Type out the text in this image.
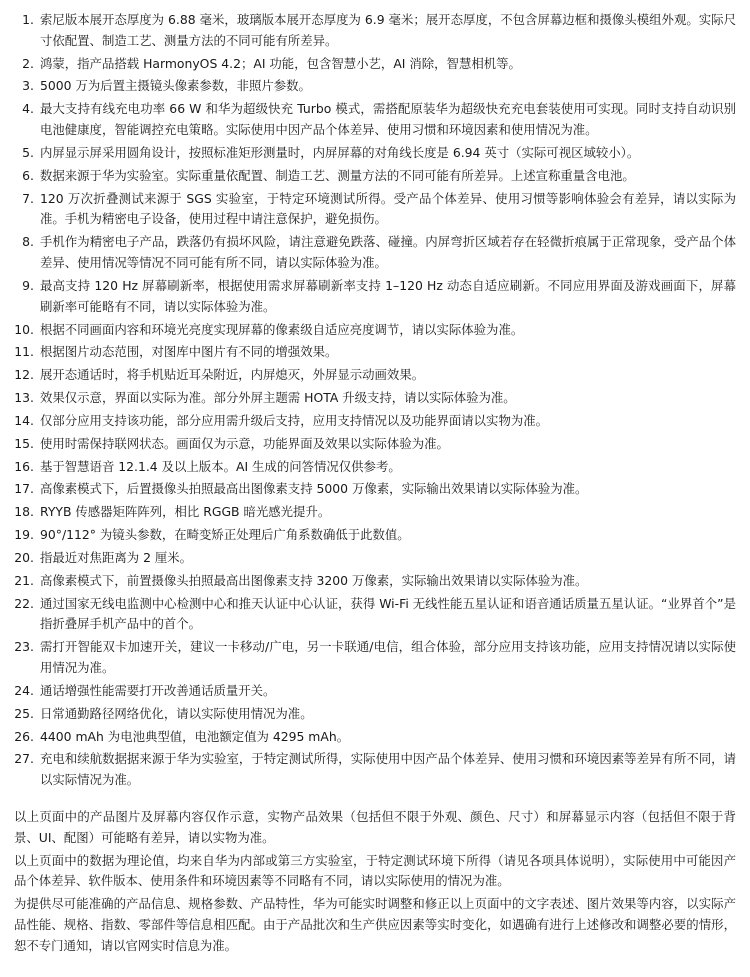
1. 索尼版本展开态厚度为 6.88 毫米，玻璃版本展开态厚度为 6.9 毫米；展开态厚度，不包含屏幕边框和摄像头模组外观。实际尺寸依配置、制造工艺、测量方法的不同可能有所差异。
2. 鸿蒙，指产品搭载 HarmonyOS 4.2；AI 功能，包含智慧小艺，AI 消除，智慧相机等。
3. 5000 万为后置主摄镜头像素参数，非照片参数。
4. 最大支持有线充电功率 66 W 和华为超级快充 Turbo 模式，需搭配原装华为超级快充充电套装使用可实现。同时支持自动识别电池健康度，智能调控充电策略。实际使用中因产品个体差异、使用习惯和环境因素和使用情况为准。
5. 内屏显示屏采用圆角设计，按照标准矩形测量时，内屏屏幕的对角线长度是 6.94 英寸（实际可视区域较小）。
6. 数据来源于华为实验室。实际重量依配置、制造工艺、测量方法的不同可能有所差异。上述宣称重量含电池。
7. 120 万次折叠测试来源于 SGS 实验室，于特定环境测试所得。受产品个体差异、使用习惯等影响体验会有差异，请以实际为准。手机为精密电子设备，使用过程中请注意保护，避免损伤。
8. 手机作为精密电子产品，跌落仍有损坏风险，请注意避免跌落、碰撞。内屏弯折区域若存在轻微折痕属于正常现象，受产品个体差异、使用情况等情况不同可能有所不同，请以实际体验为准。
9. 最高支持 120 Hz 屏幕刷新率，根据使用需求屏幕刷新率支持 1–120 Hz 动态自适应刷新。不同应用界面及游戏画面下，屏幕刷新率可能略有不同，请以实际体验为准。
10. 根据不同画面内容和环境光亮度实现屏幕的像素级自适应亮度调节，请以实际体验为准。
11. 根据图片动态范围，对图库中图片有不同的增强效果。
12. 展开态通话时，将手机贴近耳朵附近，内屏熄灭，外屏显示动画效果。
13. 效果仅示意，界面以实际为准。部分外屏主题需 HOTA 升级支持，请以实际体验为准。
14. 仅部分应用支持该功能，部分应用需升级后支持，应用支持情况以及功能界面请以实物为准。
15. 使用时需保持联网状态。画面仅为示意，功能界面及效果以实际体验为准。
16. 基于智慧语音 12.1.4 及以上版本。AI 生成的问答情况仅供参考。
17. 高像素模式下，后置摄像头拍照最高出图像素支持 5000 万像素，实际输出效果请以实际体验为准。
18. RYYB 传感器矩阵阵列，相比 RGGB 暗光感光提升。
19. 90°/112° 为镜头参数，在畸变矫正处理后广角系数确低于此数值。
20. 指最近对焦距离为 2 厘米。
21. 高像素模式下，前置摄像头拍照最高出图像素支持 3200 万像素，实际输出效果请以实际体验为准。
22. 通过国家无线电监测中心检测中心和推天认证中心认证，获得 Wi-Fi 无线性能五星认证和语音通话质量五星认证。“业界首个”是指折叠屏手机产品中的首个。
23. 需打开智能双卡加速开关，建议一卡移动/广电，另一卡联通/电信，组合体验，部分应用支持该功能，应用支持情况请以实际使用情况为准。
24. 通话增强性能需要打开改善通话质量开关。
25. 日常通勤路径网络优化，请以实际使用情况为准。
26. 4400 mAh 为电池典型值，电池额定值为 4295 mAh。
27. 充电和续航数据据来源于华为实验室，于特定测试所得，实际使用中因产品个体差异、使用习惯和环境因素等差异有所不同，请以实际情况为准。

以上页面中的产品图片及屏幕内容仅作示意，实物产品效果（包括但不限于外观、颜色、尺寸）和屏幕显示内容（包括但不限于背景、UI、配图）可能略有差异，请以实物为准。

以上页面中的数据为理论值，均来自华为内部或第三方实验室，于特定测试环境下所得（请见各项具体说明），实际使用中可能因产品个体差异、软件版本、使用条件和环境因素等不同略有不同，请以实际使用的情况为准。

为提供尽可能准确的产品信息、规格参数、产品特性，华为可能实时调整和修正以上页面中的文字表述、图片效果等内容，以实际产品性能、规格、指数、零部件等信息相匹配。由于产品批次和生产供应因素等实时变化，如遇确有进行上述修改和调整必要的情形，恕不专门通知，请以官网实时信息为准。
